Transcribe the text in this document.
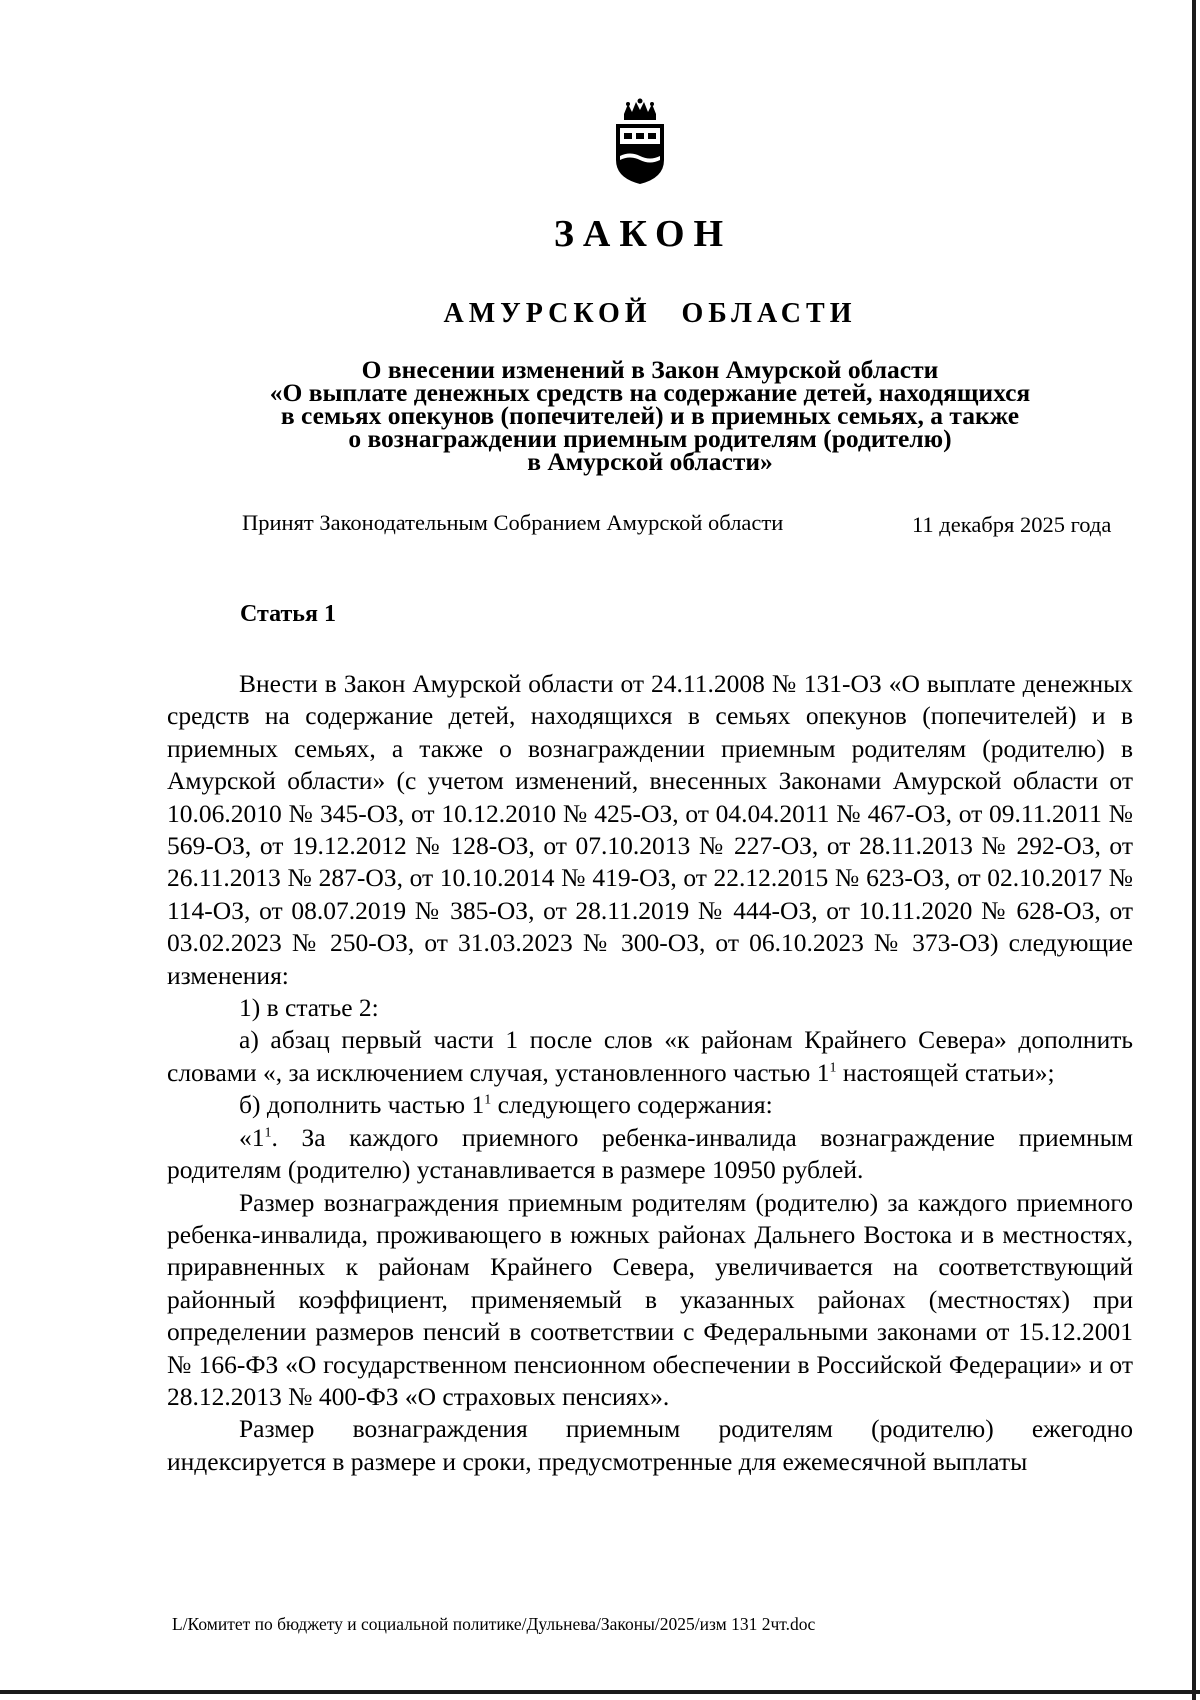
ЗАКОН
АМУРСКОЙ ОБЛАСТИ
О внесении изменений в Закон Амурской области
«О выплате денежных средств на содержание детей, находящихся
в семьях опекунов (попечителей) и в приемных семьях, а также
о вознаграждении приемным родителям (родителю)
в Амурской области»
Принят Законодательным Собранием Амурской области	11 декабря 2025 года
Статья 1

Внести в Закон Амурской области от 24.11.2008 № 131-ОЗ «О выплате денежных средств на содержание детей, находящихся в семьях опекунов (попечителей) и в приемных семьях, а также о вознаграждении приемным родителям (родителю) в Амурской области» (с учетом изменений, внесенных Законами Амурской области от 10.06.2010 № 345-ОЗ, от 10.12.2010 № 425-ОЗ, от 04.04.2011 № 467-ОЗ, от 09.11.2011 № 569-ОЗ, от 19.12.2012 № 128-ОЗ, от 07.10.2013 № 227-ОЗ, от 28.11.2013 № 292-ОЗ, от 26.11.2013 № 287-ОЗ, от 10.10.2014 № 419-ОЗ, от 22.12.2015 № 623-ОЗ, от 02.10.2017 № 114-ОЗ, от 08.07.2019 № 385-ОЗ, от 28.11.2019 № 444-ОЗ, от 10.11.2020 № 628-ОЗ, от 03.02.2023 № 250-ОЗ, от 31.03.2023 № 300-ОЗ, от 06.10.2023 № 373-ОЗ) следующие изменения:

1) в статье 2:

а) абзац первый части 1 после слов «к районам Крайнего Севера» дополнить словами «, за исключением случая, установленного частью $1^1$ настоящей статьи»;

б) дополнить частью $1^1$ следующего содержания:

«$1^1$. За каждого приемного ребенка-инвалида вознаграждение приемным родителям (родителю) устанавливается в размере 10950 рублей.

Размер вознаграждения приемным родителям (родителю) за каждого приемного ребенка-инвалида, проживающего в южных районах Дальнего Востока и в местностях, приравненных к районам Крайнего Севера, увеличивается на соответствующий районный коэффициент, применяемый в указанных районах (местностях) при определении размеров пенсий в соответствии с Федеральными законами от 15.12.2001 № 166-ФЗ «О государственном пенсионном обеспечении в Российской Федерации» и от 28.12.2013 № 400-ФЗ «О страховых пенсиях».

Размер вознаграждения приемным родителям (родителю) ежегодно индексируется в размере и сроки, предусмотренные для ежемесячной выплаты

L/Комитет по бюджету и социальной политике/Дульнева/Законы/2025/изм 131 2чт.doc
